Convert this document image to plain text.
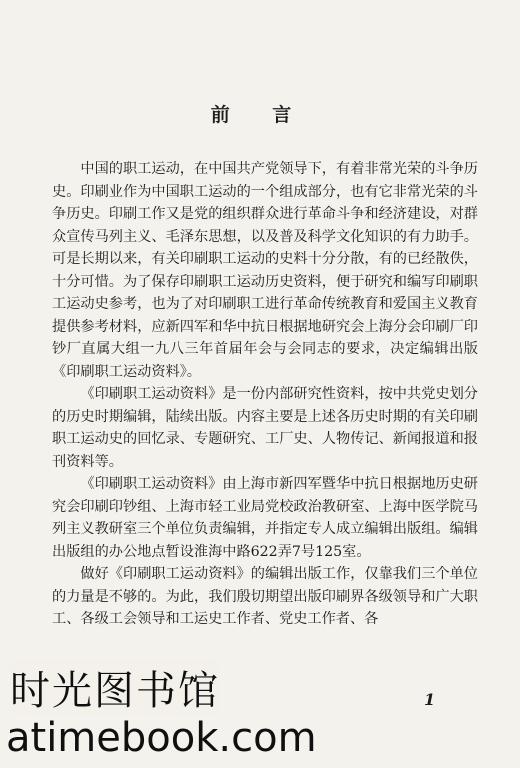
前 言

中国的职工运动，在中国共产党领导下，有着非常光荣的斗争历史。印刷业作为中国职工运动的一个组成部分，也有它非常光荣的斗争历史。印刷工作又是党的组织群众进行革命斗争和经济建设，对群众宣传马列主义、毛泽东思想，以及普及科学文化知识的有力助手。可是长期以来，有关印刷职工运动的史料十分分散，有的已经散佚，十分可惜。为了保存印刷职工运动历史资料，便于研究和编写印刷职工运动史参考，也为了对印刷职工进行革命传统教育和爱国主义教育提供参考材料，应新四军和华中抗日根据地研究会上海分会印刷厂印钞厂直属大组一九八三年首届年会与会同志的要求，决定编辑出版《印刷职工运动资料》。

《印刷职工运动资料》是一份内部研究性资料，按中共党史划分的历史时期编辑，陆续出版。内容主要是上述各历史时期的有关印刷职工运动史的回忆录、专题研究、工厂史、人物传记、新闻报道和报刊资料等。

《印刷职工运动资料》由上海市新四军暨华中抗日根据地历史研究会印刷印钞组、上海市轻工业局党校政治教研室、上海中医学院马列主义教研室三个单位负责编辑，并指定专人成立编辑出版组。编辑出版组的办公地点暂设淮海中路622弄7号125室。

做好《印刷职工运动资料》的编辑出版工作，仅靠我们三个单位的力量是不够的。为此，我们殷切期望出版印刷界各级领导和广大职工、各级工会领导和工运史工作者、党史工作者、各

1
时光图书馆
atimebook.com
